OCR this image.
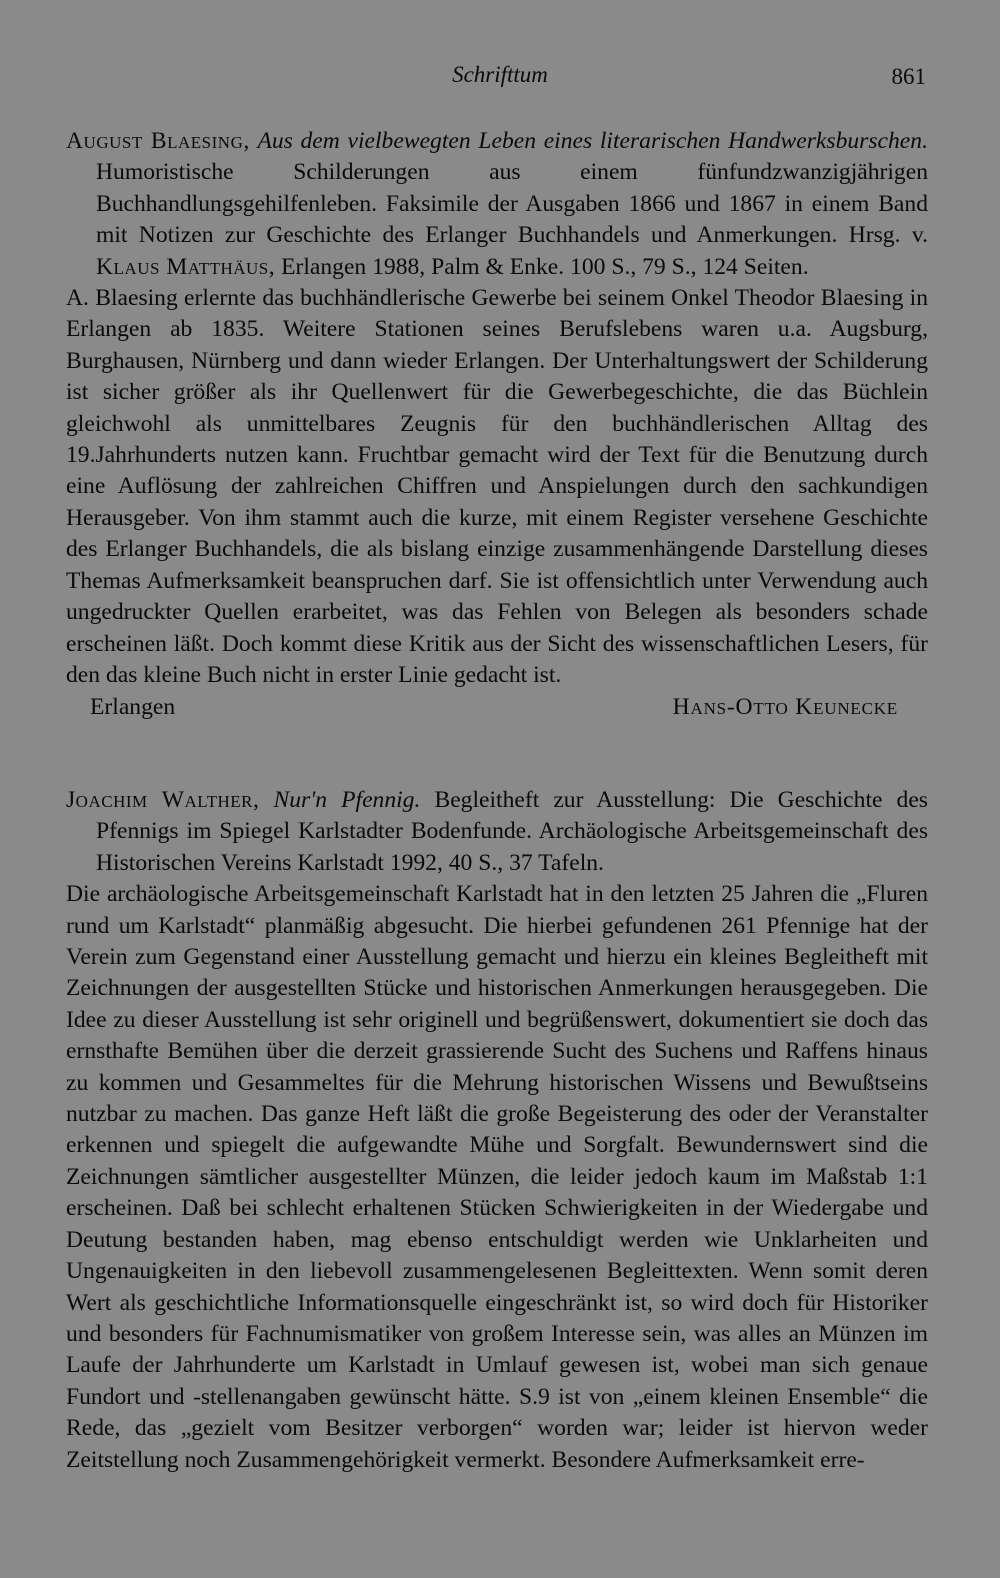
Schrifttum	861

August Blaesing, Aus dem vielbewegten Leben eines literarischen Handwerksburschen. Humoristische Schilderungen aus einem fünfundzwanzigjährigen Buchhandlungsgehilfenleben. Faksimile der Ausgaben 1866 und 1867 in einem Band mit Notizen zur Geschichte des Erlanger Buchhandels und Anmerkungen. Hrsg. v. Klaus Matthäus, Erlangen 1988, Palm & Enke. 100 S., 79 S., 124 Seiten.

A. Blaesing erlernte das buchhändlerische Gewerbe bei seinem Onkel Theodor Blaesing in Erlangen ab 1835. Weitere Stationen seines Berufslebens waren u.a. Augsburg, Burghausen, Nürnberg und dann wieder Erlangen. Der Unterhaltungswert der Schilderung ist sicher größer als ihr Quellenwert für die Gewerbegeschichte, die das Büchlein gleichwohl als unmittelbares Zeugnis für den buchhändlerischen Alltag des 19.Jahrhunderts nutzen kann. Fruchtbar gemacht wird der Text für die Benutzung durch eine Auflösung der zahlreichen Chiffren und Anspielungen durch den sachkundigen Herausgeber. Von ihm stammt auch die kurze, mit einem Register versehene Geschichte des Erlanger Buchhandels, die als bislang einzige zusammenhängende Darstellung dieses Themas Aufmerksamkeit beanspruchen darf. Sie ist offensichtlich unter Verwendung auch ungedruckter Quellen erarbeitet, was das Fehlen von Belegen als besonders schade erscheinen läßt. Doch kommt diese Kritik aus der Sicht des wissenschaftlichen Lesers, für den das kleine Buch nicht in erster Linie gedacht ist.

Erlangen	Hans-Otto Keunecke

Joachim Walther, Nur'n Pfennig. Begleitheft zur Ausstellung: Die Geschichte des Pfennigs im Spiegel Karlstadter Bodenfunde. Archäologische Arbeitsgemeinschaft des Historischen Vereins Karlstadt 1992, 40 S., 37 Tafeln.

Die archäologische Arbeitsgemeinschaft Karlstadt hat in den letzten 25 Jahren die „Fluren rund um Karlstadt“ planmäßig abgesucht. Die hierbei gefundenen 261 Pfennige hat der Verein zum Gegenstand einer Ausstellung gemacht und hierzu ein kleines Begleitheft mit Zeichnungen der ausgestellten Stücke und historischen Anmerkungen herausgegeben. Die Idee zu dieser Ausstellung ist sehr originell und begrüßenswert, dokumentiert sie doch das ernsthafte Bemühen über die derzeit grassierende Sucht des Suchens und Raffens hinaus zu kommen und Gesammeltes für die Mehrung historischen Wissens und Bewußtseins nutzbar zu machen. Das ganze Heft läßt die große Begeisterung des oder der Veranstalter erkennen und spiegelt die aufgewandte Mühe und Sorgfalt. Bewundernswert sind die Zeichnungen sämtlicher ausgestellter Münzen, die leider jedoch kaum im Maßstab 1:1 erscheinen. Daß bei schlecht erhaltenen Stücken Schwierigkeiten in der Wiedergabe und Deutung bestanden haben, mag ebenso entschuldigt werden wie Unklarheiten und Ungenauigkeiten in den liebevoll zusammengelesenen Begleittexten. Wenn somit deren Wert als geschichtliche Informationsquelle eingeschränkt ist, so wird doch für Historiker und besonders für Fachnumismatiker von großem Interesse sein, was alles an Münzen im Laufe der Jahrhunderte um Karlstadt in Umlauf gewesen ist, wobei man sich genaue Fundort und -stellenangaben gewünscht hätte. S.9 ist von „einem kleinen Ensemble“ die Rede, das „gezielt vom Besitzer verborgen“ worden war; leider ist hiervon weder Zeitstellung noch Zusammengehörigkeit vermerkt. Besondere Aufmerksamkeit erre-
